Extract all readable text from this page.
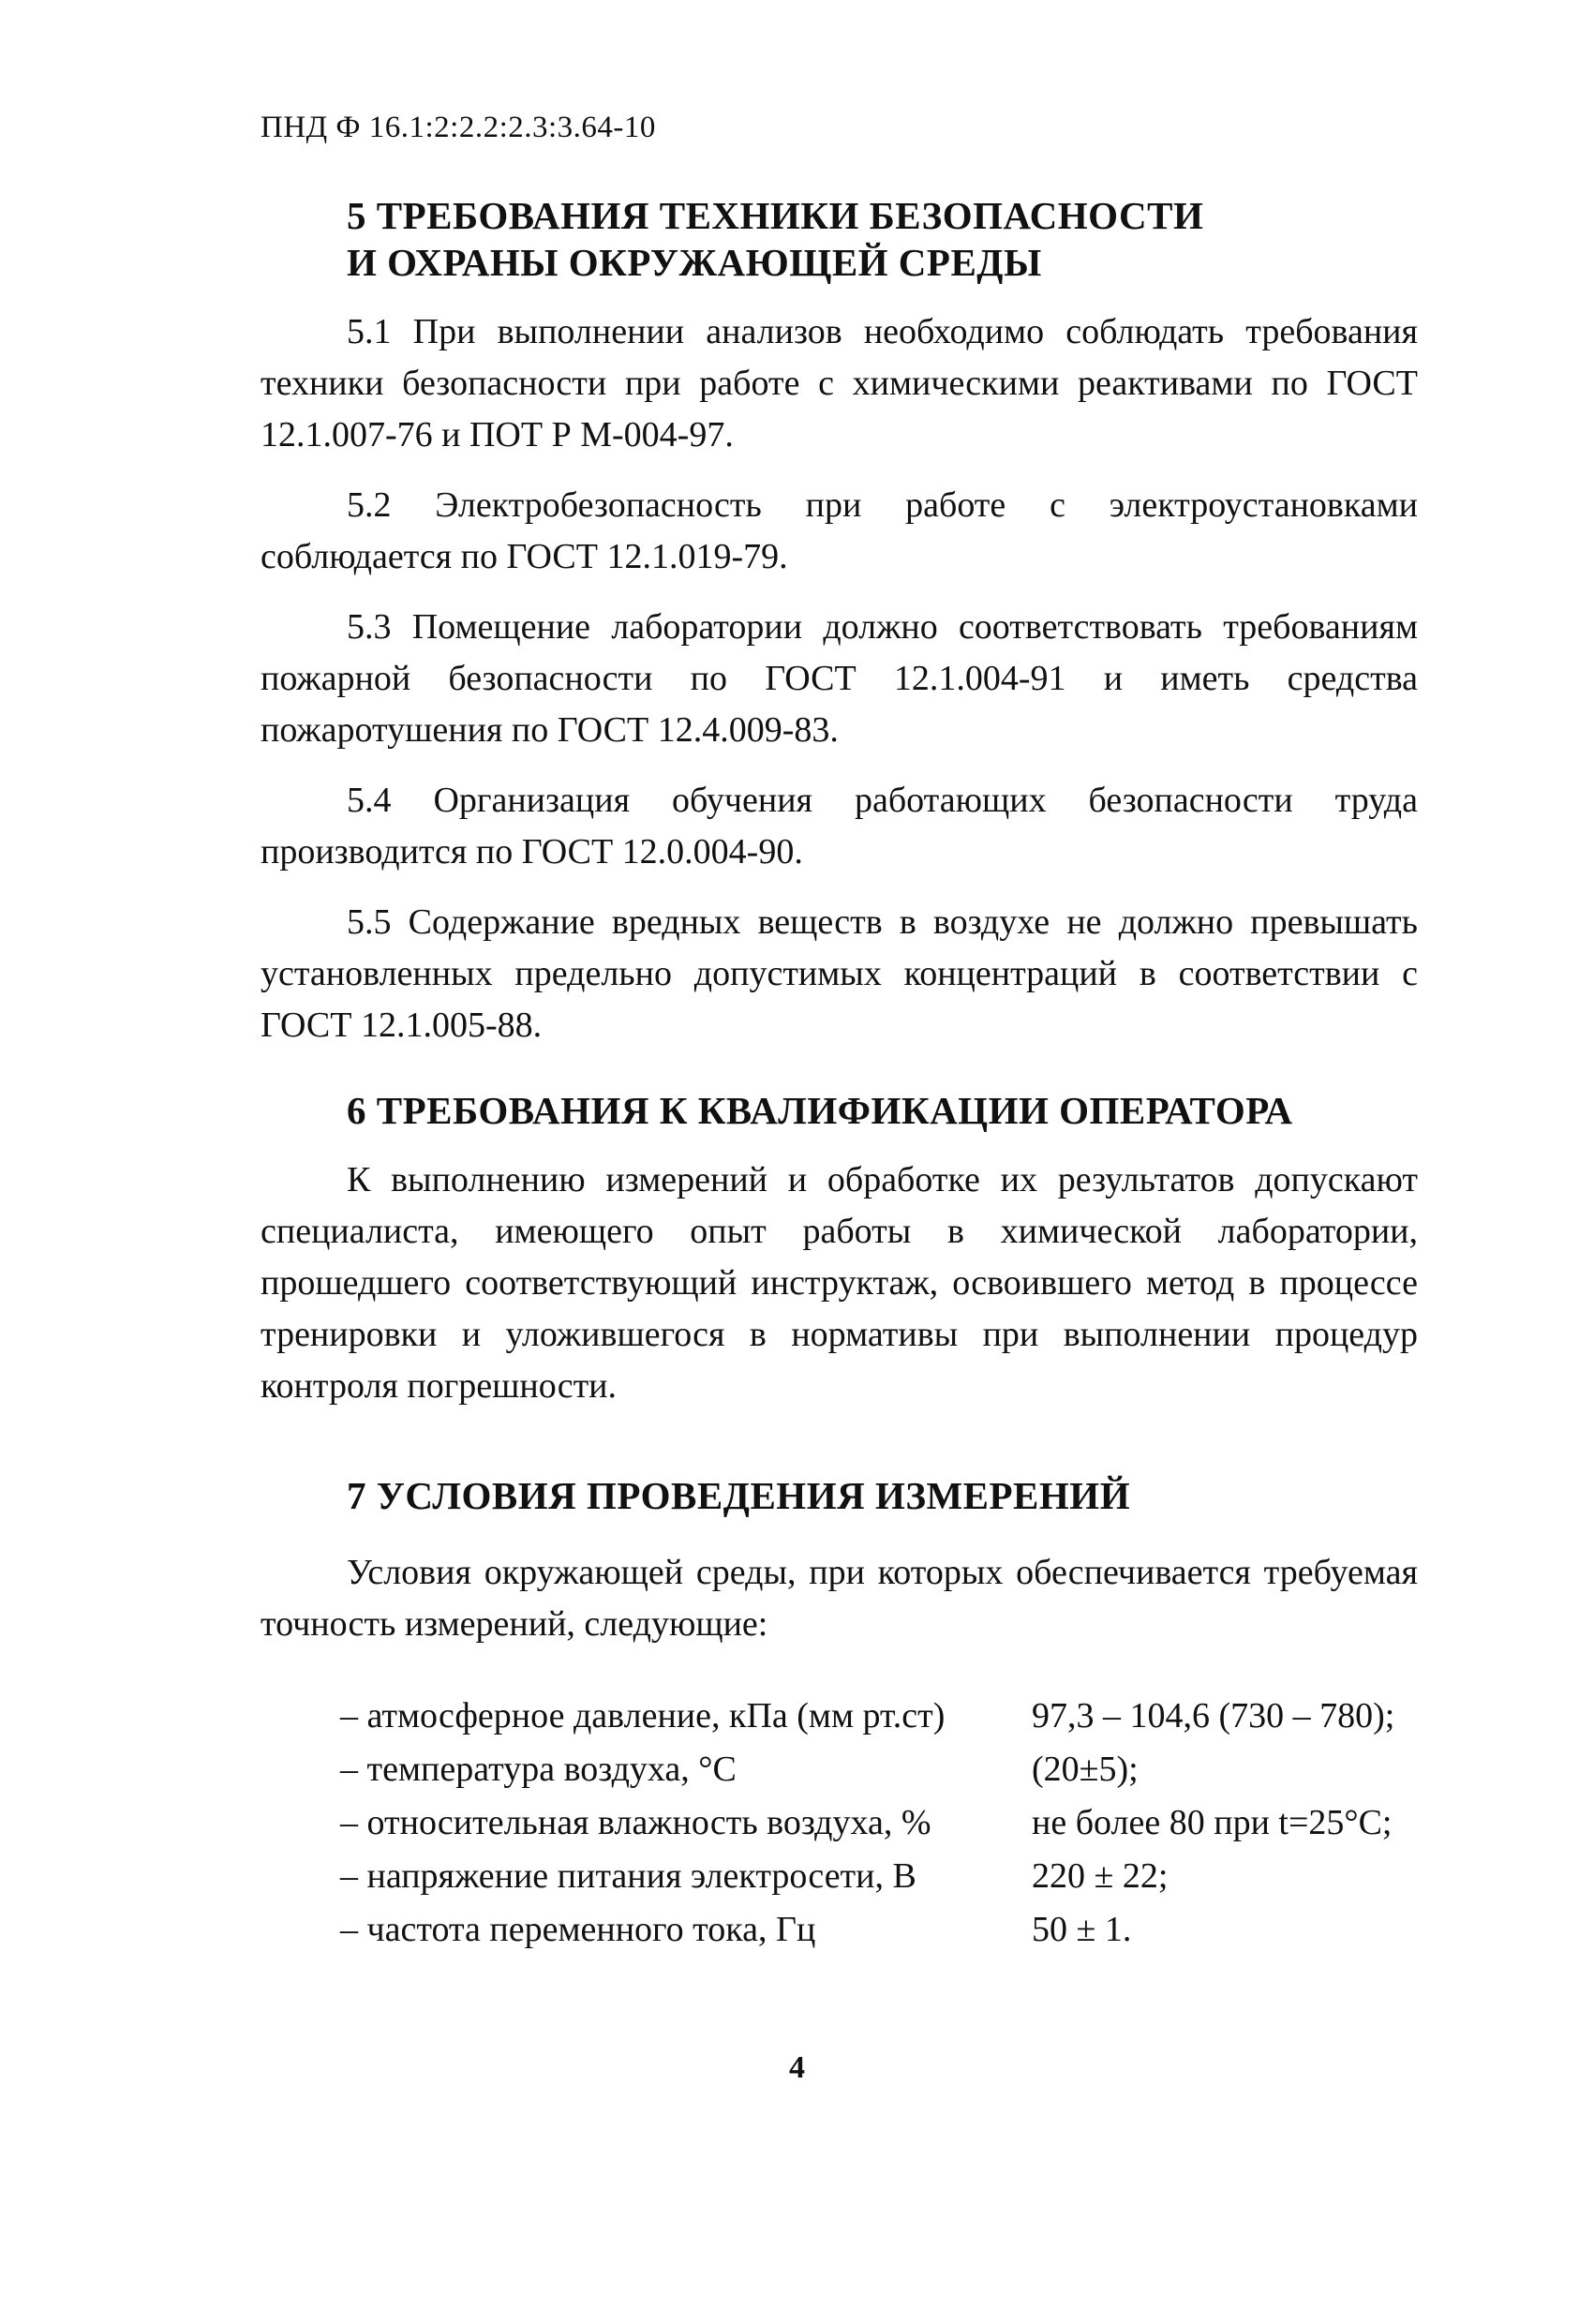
ПНД Ф 16.1:2:2.2:2.3:3.64-10
5 ТРЕБОВАНИЯ ТЕХНИКИ БЕЗОПАСНОСТИ
И ОХРАНЫ ОКРУЖАЮЩЕЙ СРЕДЫ

5.1 При выполнении анализов необходимо соблюдать требования техники безопасности при работе с химическими реактивами по ГОСТ 12.1.007-76 и ПОТ Р М-004-97.

5.2 Электробезопасность при работе с электроустановками соблюдается по ГОСТ 12.1.019-79.

5.3 Помещение лаборатории должно соответствовать требованиям пожарной безопасности по ГОСТ 12.1.004-91 и иметь средства пожаротушения по ГОСТ 12.4.009-83.

5.4 Организация обучения работающих безопасности труда производится по ГОСТ 12.0.004-90.

5.5 Содержание вредных веществ в воздухе не должно превышать установленных предельно допустимых концентраций в соответствии с ГОСТ 12.1.005-88.

6 ТРЕБОВАНИЯ К КВАЛИФИКАЦИИ ОПЕРАТОРА

К выполнению измерений и обработке их результатов допускают специалиста, имеющего опыт работы в химической лаборатории, прошедшего соответствующий инструктаж, освоившего метод в процессе тренировки и уложившегося в нормативы при выполнении процедур контроля погрешности.

7 УСЛОВИЯ ПРОВЕДЕНИЯ ИЗМЕРЕНИЙ

Условия окружающей среды, при которых обеспечивается требуемая точность измерений, следующие:

– атмосферное давление, кПа (мм рт.ст)	97,3 – 104,6 (730 – 780);
– температура воздуха, °С	(20±5);
– относительная влажность воздуха, %	не более 80 при t=25°C;
– напряжение питания электросети, В	220 ± 22;
– частота переменного тока, Гц	50 ± 1.
4
